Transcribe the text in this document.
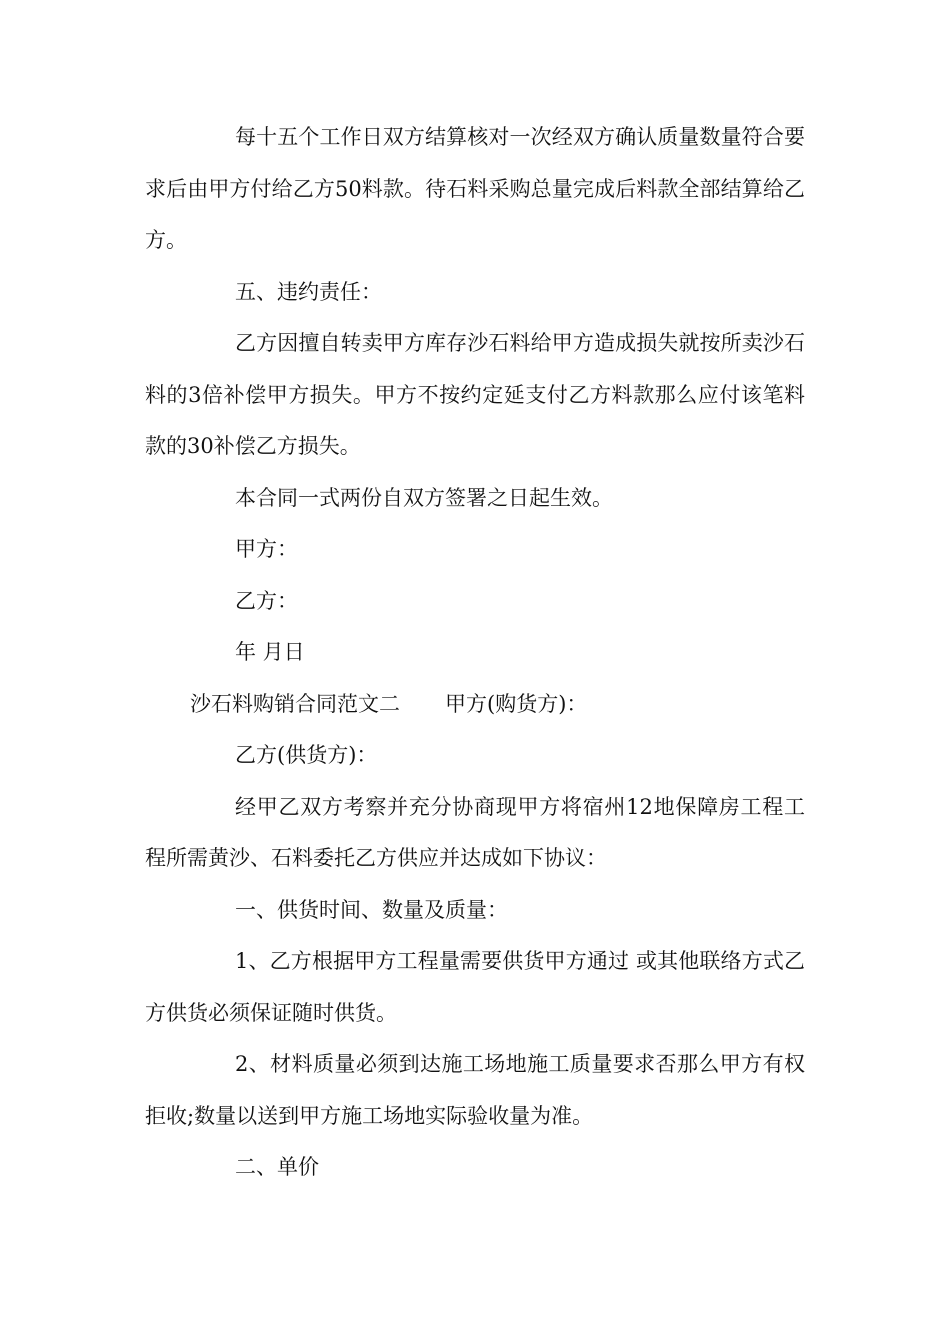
每十五个工作日双方结算核对一次经双方确认质量数量符合要求后由甲方付给乙方50料款。待石料采购总量完成后料款全部结算给乙方。

五、违约责任：

乙方因擅自转卖甲方库存沙石料给甲方造成损失就按所卖沙石料的3倍补偿甲方损失。甲方不按约定延支付乙方料款那么应付该笔料款的30补偿乙方损失。

本合同一式两份自双方签署之日起生效。

甲方：

乙方：

年 月日

沙石料购销合同范文二 甲方(购货方)：

乙方(供货方)：

经甲乙双方考察并充分协商现甲方将宿州12地保障房工程工程所需黄沙、石料委托乙方供应并达成如下协议：

一、供货时间、数量及质量：

1、乙方根据甲方工程量需要供货甲方通过 或其他联络方式乙方供货必须保证随时供货。

2、材料质量必须到达施工场地施工质量要求否那么甲方有权拒收;数量以送到甲方施工场地实际验收量为准。

二、单价
